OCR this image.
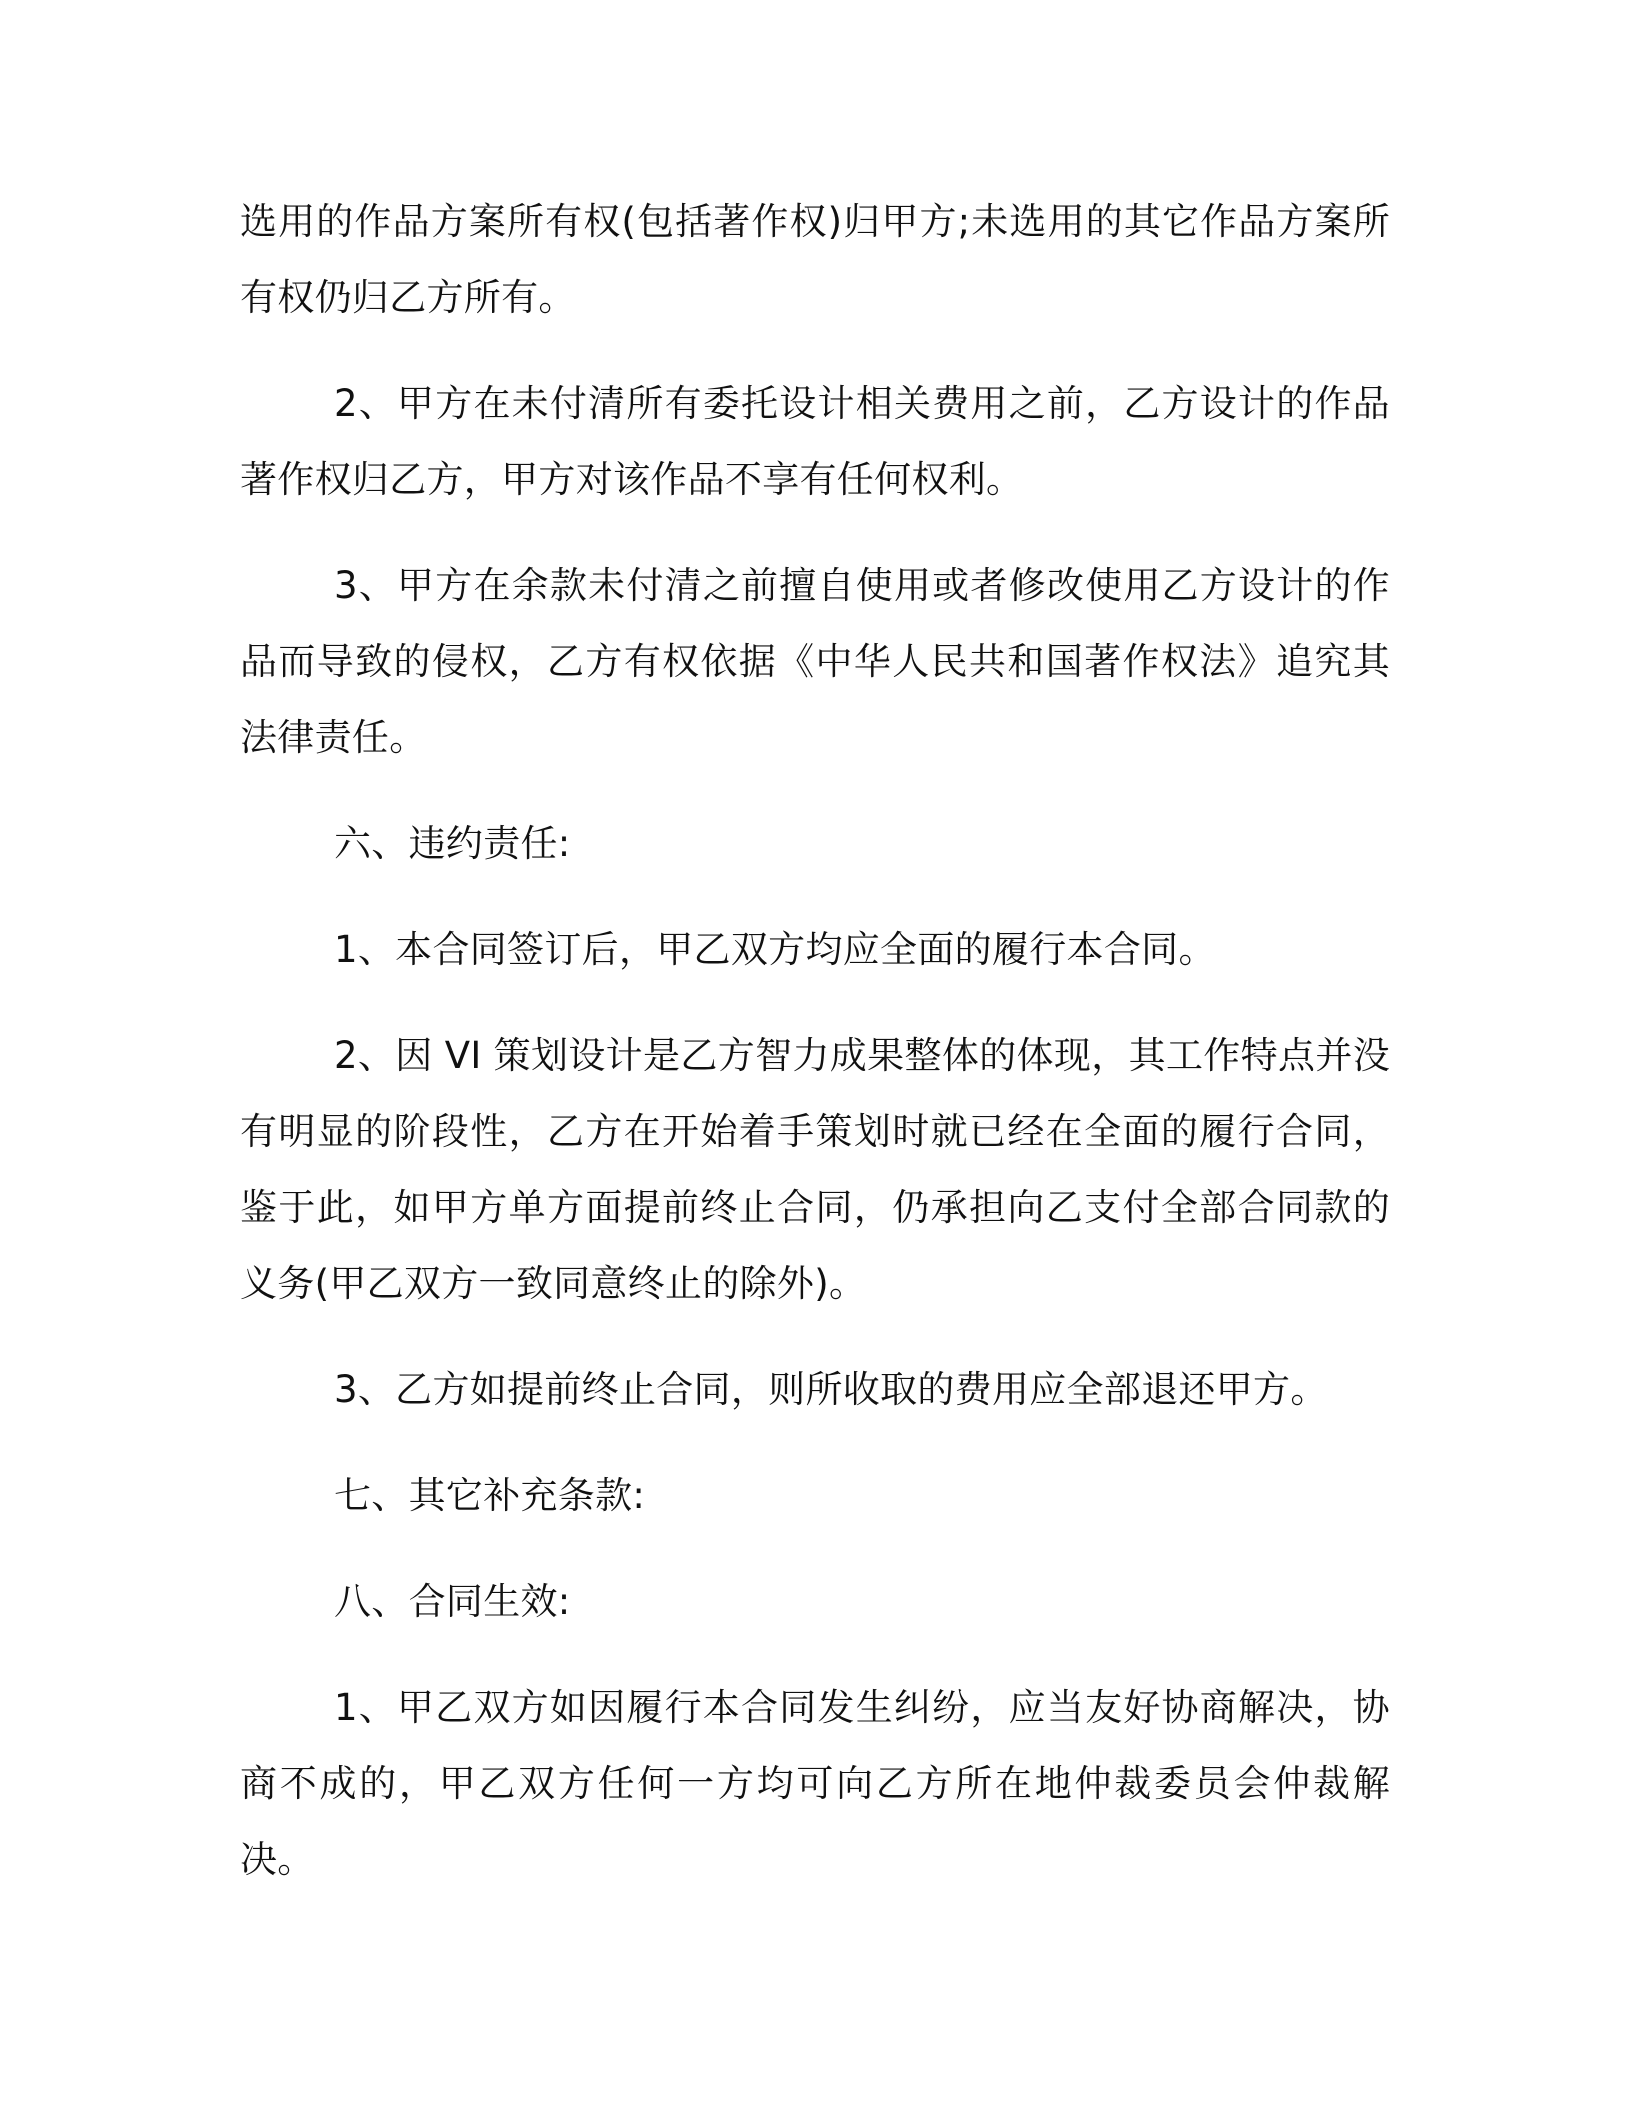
选用的作品方案所有权(包括著作权)归甲方;未选用的其它作品方案所有权仍归乙方所有。

2、甲方在未付清所有委托设计相关费用之前，乙方设计的作品著作权归乙方，甲方对该作品不享有任何权利。

3、甲方在余款未付清之前擅自使用或者修改使用乙方设计的作品而导致的侵权，乙方有权依据《中华人民共和国著作权法》追究其法律责任。

六、违约责任:

1、本合同签订后，甲乙双方均应全面的履行本合同。

2、因 VI 策划设计是乙方智力成果整体的体现，其工作特点并没有明显的阶段性，乙方在开始着手策划时就已经在全面的履行合同，鉴于此，如甲方单方面提前终止合同，仍承担向乙支付全部合同款的义务(甲乙双方一致同意终止的除外)。

3、乙方如提前终止合同，则所收取的费用应全部退还甲方。

七、其它补充条款:

八、合同生效:

1、甲乙双方如因履行本合同发生纠纷，应当友好协商解决，协商不成的，甲乙双方任何一方均可向乙方所在地仲裁委员会仲裁解决。
